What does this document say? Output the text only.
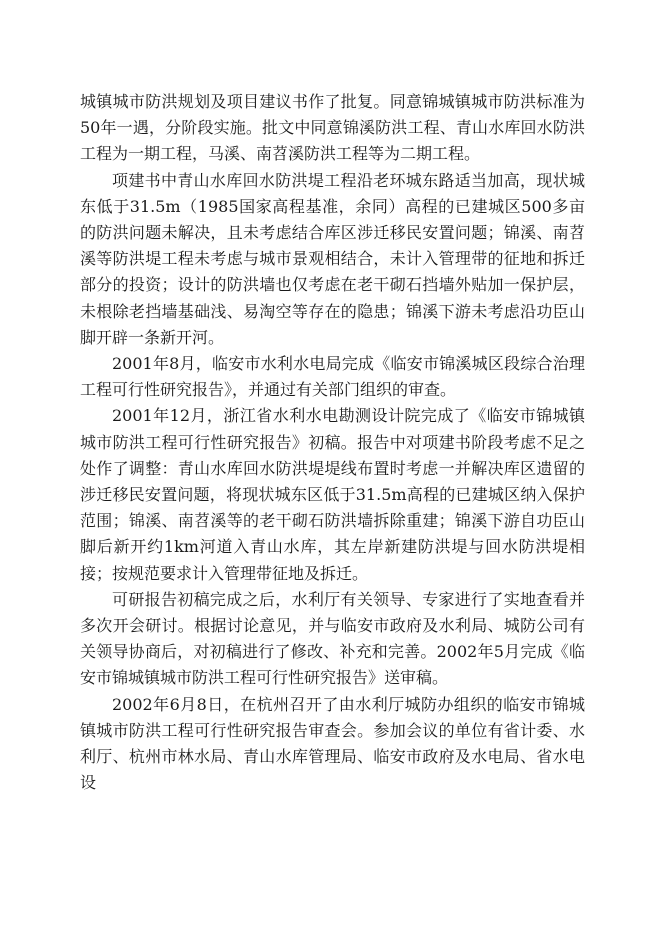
城镇城市防洪规划及项目建议书作了批复。同意锦城镇城市防洪标准为50年一遇，分阶段实施。批文中同意锦溪防洪工程、青山水库回水防洪工程为一期工程，马溪、南苕溪防洪工程等为二期工程。

项建书中青山水库回水防洪堤工程沿老环城东路适当加高，现状城东低于31.5m（1985国家高程基准，余同）高程的已建城区500多亩的防洪问题未解决，且未考虑结合库区涉迁移民安置问题；锦溪、南苕溪等防洪堤工程未考虑与城市景观相结合，未计入管理带的征地和拆迁部分的投资；设计的防洪墙也仅考虑在老干砌石挡墙外贴加一保护层，未根除老挡墙基础浅、易淘空等存在的隐患；锦溪下游未考虑沿功臣山脚开辟一条新开河。

2001年8月，临安市水利水电局完成《临安市锦溪城区段综合治理工程可行性研究报告》，并通过有关部门组织的审查。

2001年12月，浙江省水利水电勘测设计院完成了《临安市锦城镇城市防洪工程可行性研究报告》初稿。报告中对项建书阶段考虑不足之处作了调整：青山水库回水防洪堤堤线布置时考虑一并解决库区遗留的涉迁移民安置问题，将现状城东区低于31.5m高程的已建城区纳入保护范围；锦溪、南苕溪等的老干砌石防洪墙拆除重建；锦溪下游自功臣山脚后新开约1km河道入青山水库，其左岸新建防洪堤与回水防洪堤相接；按规范要求计入管理带征地及拆迁。

可研报告初稿完成之后，水利厅有关领导、专家进行了实地查看并多次开会研讨。根据讨论意见，并与临安市政府及水利局、城防公司有关领导协商后，对初稿进行了修改、补充和完善。2002年5月完成《临安市锦城镇城市防洪工程可行性研究报告》送审稿。

2002年6月8日，在杭州召开了由水利厅城防办组织的临安市锦城镇城市防洪工程可行性研究报告审查会。参加会议的单位有省计委、水利厅、杭州市林水局、青山水库管理局、临安市政府及水电局、省水电设
